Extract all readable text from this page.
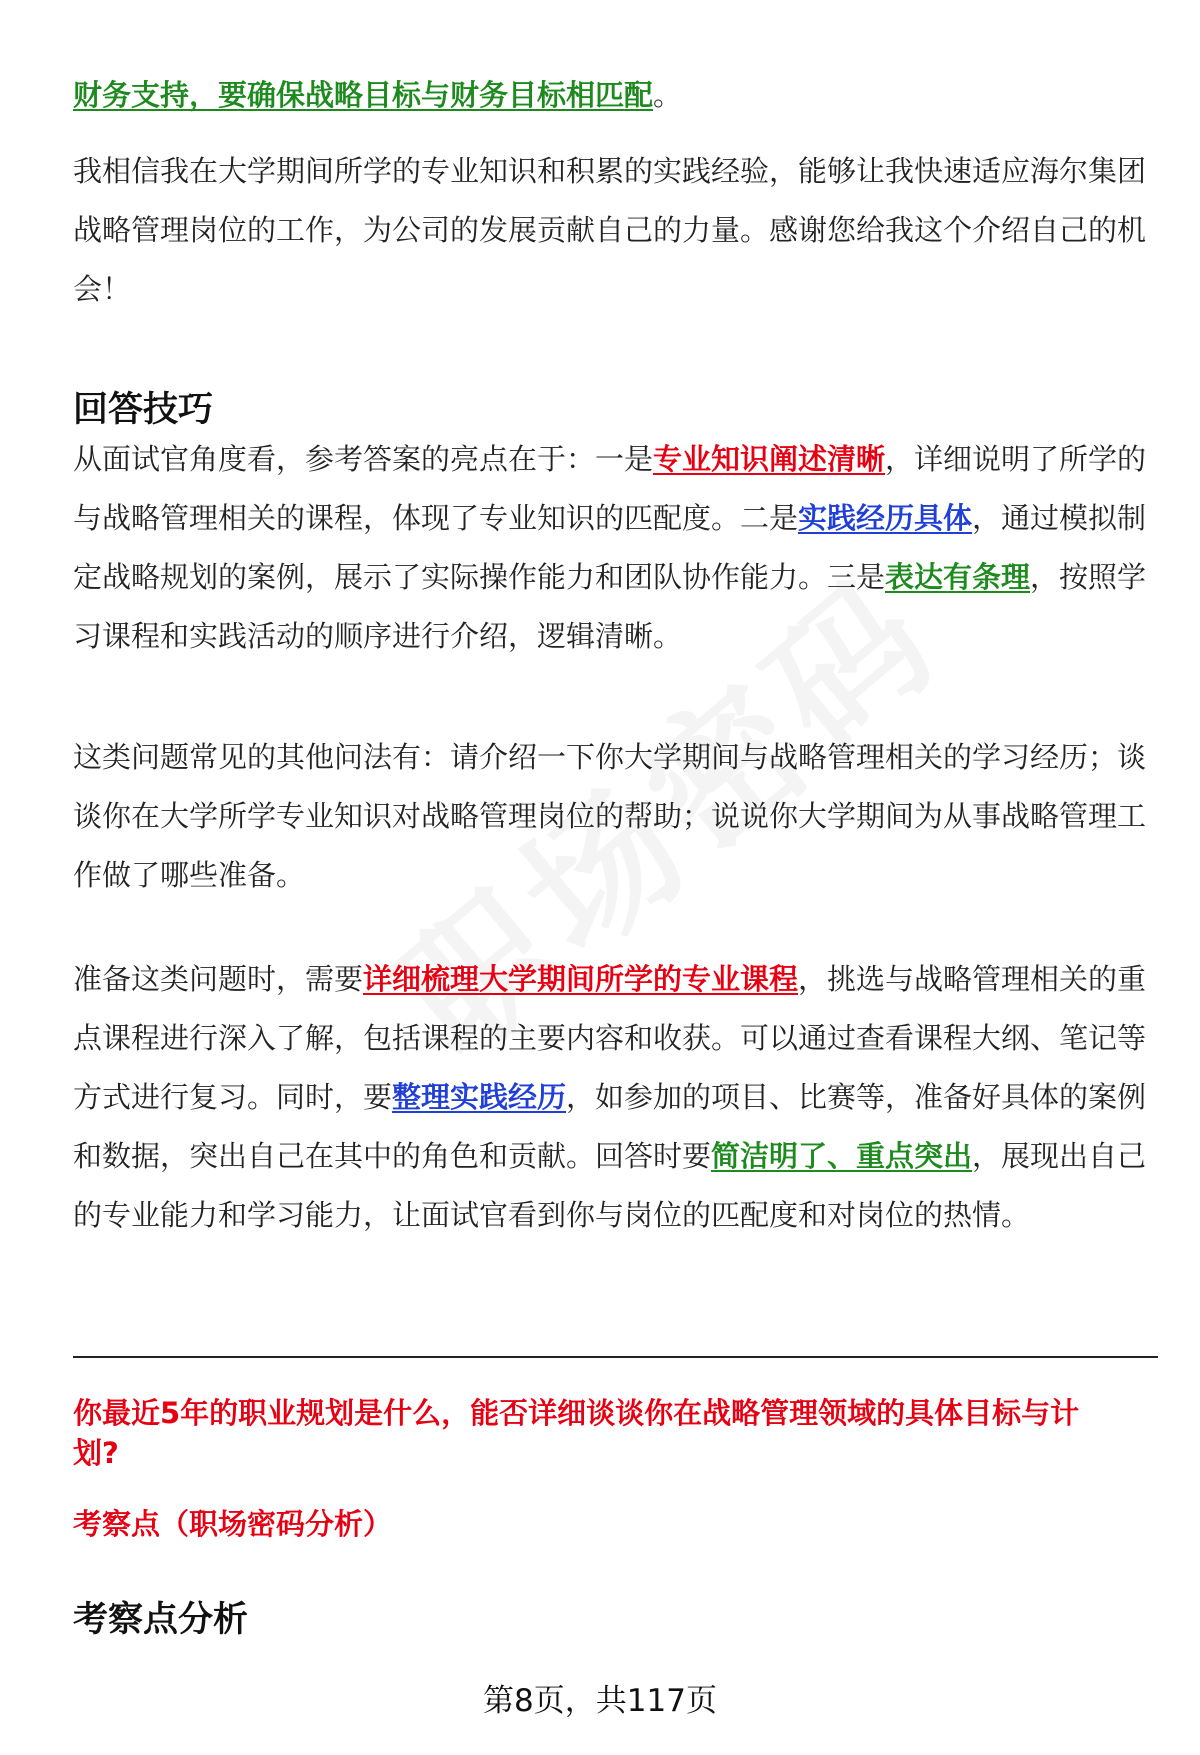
财务支持，要确保战略目标与财务目标相匹配。

我相信我在大学期间所学的专业知识和积累的实践经验，能够让我快速适应海尔集团战略管理岗位的工作，为公司的发展贡献自己的力量。感谢您给我这个介绍自己的机会！

回答技巧

从面试官角度看，参考答案的亮点在于：一是专业知识阐述清晰，详细说明了所学的与战略管理相关的课程，体现了专业知识的匹配度。二是实践经历具体，通过模拟制定战略规划的案例，展示了实际操作能力和团队协作能力。三是表达有条理，按照学习课程和实践活动的顺序进行介绍，逻辑清晰。

这类问题常见的其他问法有：请介绍一下你大学期间与战略管理相关的学习经历；谈谈你在大学所学专业知识对战略管理岗位的帮助；说说你大学期间为从事战略管理工作做了哪些准备。

准备这类问题时，需要详细梳理大学期间所学的专业课程，挑选与战略管理相关的重点课程进行深入了解，包括课程的主要内容和收获。可以通过查看课程大纲、笔记等方式进行复习。同时，要整理实践经历，如参加的项目、比赛等，准备好具体的案例和数据，突出自己在其中的角色和贡献。回答时要简洁明了、重点突出，展现出自己的专业能力和学习能力，让面试官看到你与岗位的匹配度和对岗位的热情。

你最近5年的职业规划是什么，能否详细谈谈你在战略管理领域的具体目标与计划?

考察点（职场密码分析）

考察点分析

第8页，共117页
